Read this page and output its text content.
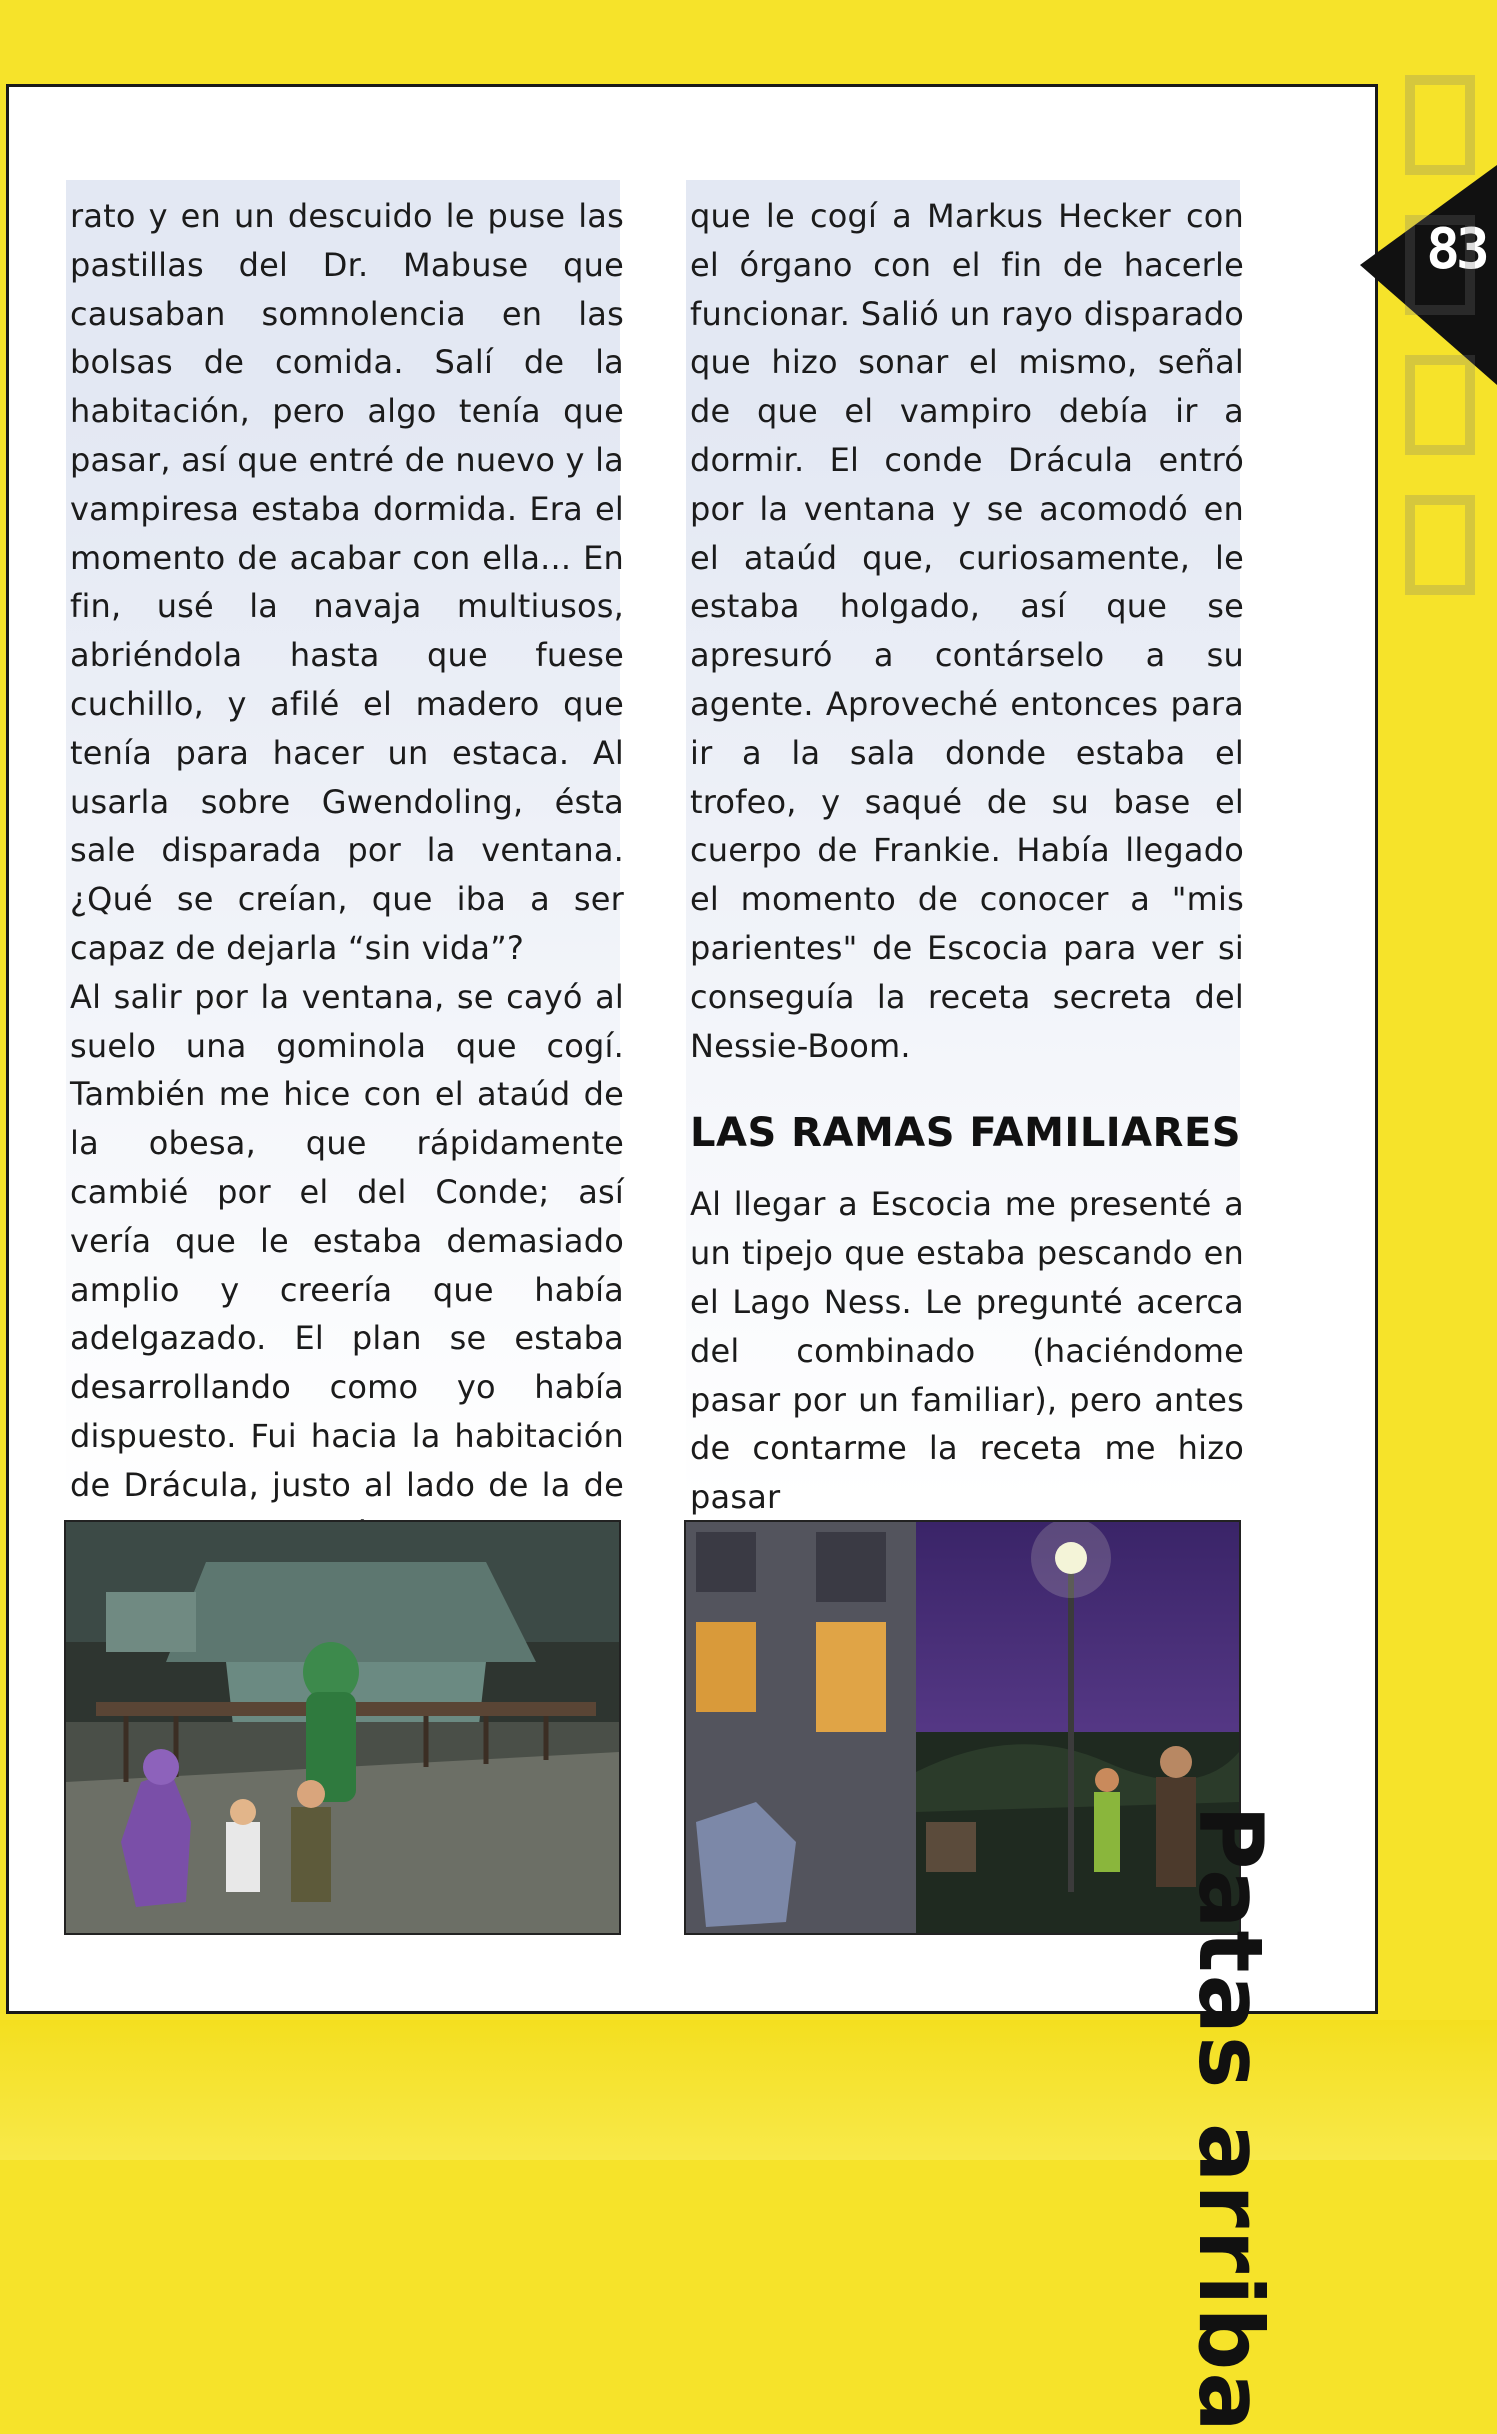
rato y en un descuido le puse las pastillas del Dr. Mabuse que causaban somnolencia en las bolsas de comida. Salí de la habitación, pero algo tenía que pasar, así que entré de nuevo y la vampiresa estaba dormida. Era el momento de acabar con ella... En fin, usé la navaja multiusos, abriéndola hasta que fuese cuchillo, y afilé el madero que tenía para hacer un estaca. Al usarla sobre Gwendoling, ésta sale disparada por la ventana. ¿Qué se creían, que iba a ser capaz de dejarla “sin vida”?

Al salir por la ventana, se cayó al suelo una gominola que cogí. También me hice con el ataúd de la obesa, que rápidamente cambié por el del Conde; así vería que le estaba demasiado amplio y creería que había adelgazado. El plan se estaba desarrollando como yo había dispuesto. Fui hacia la habitación de Drácula, justo al lado de la de

que le cogí a Markus Hecker con el órgano con el fin de hacerle funcionar. Salió un rayo disparado que hizo sonar el mismo, señal de que el vampiro debía ir a dormir. El conde Drácula entró por la ventana y se acomodó en el ataúd que, curiosamente, le estaba holgado, así que se apresuró a contárselo a su agente. Aproveché entonces para ir a la sala donde estaba el trofeo, y saqué de su base el cuerpo de Frankie. Había llegado el momento de conocer a "mis parientes" de Escocia para ver si conseguía la receta secreta del Nessie-Boom.

LAS RAMAS FAMILIARES

Al llegar a Escocia me presenté a un tipejo que estaba pescando en el Lago Ness. Le pregunté acerca del combinado (haciéndome pasar por un familiar), pero antes de contarme la receta me hizo pasar

83
Patas arriba
